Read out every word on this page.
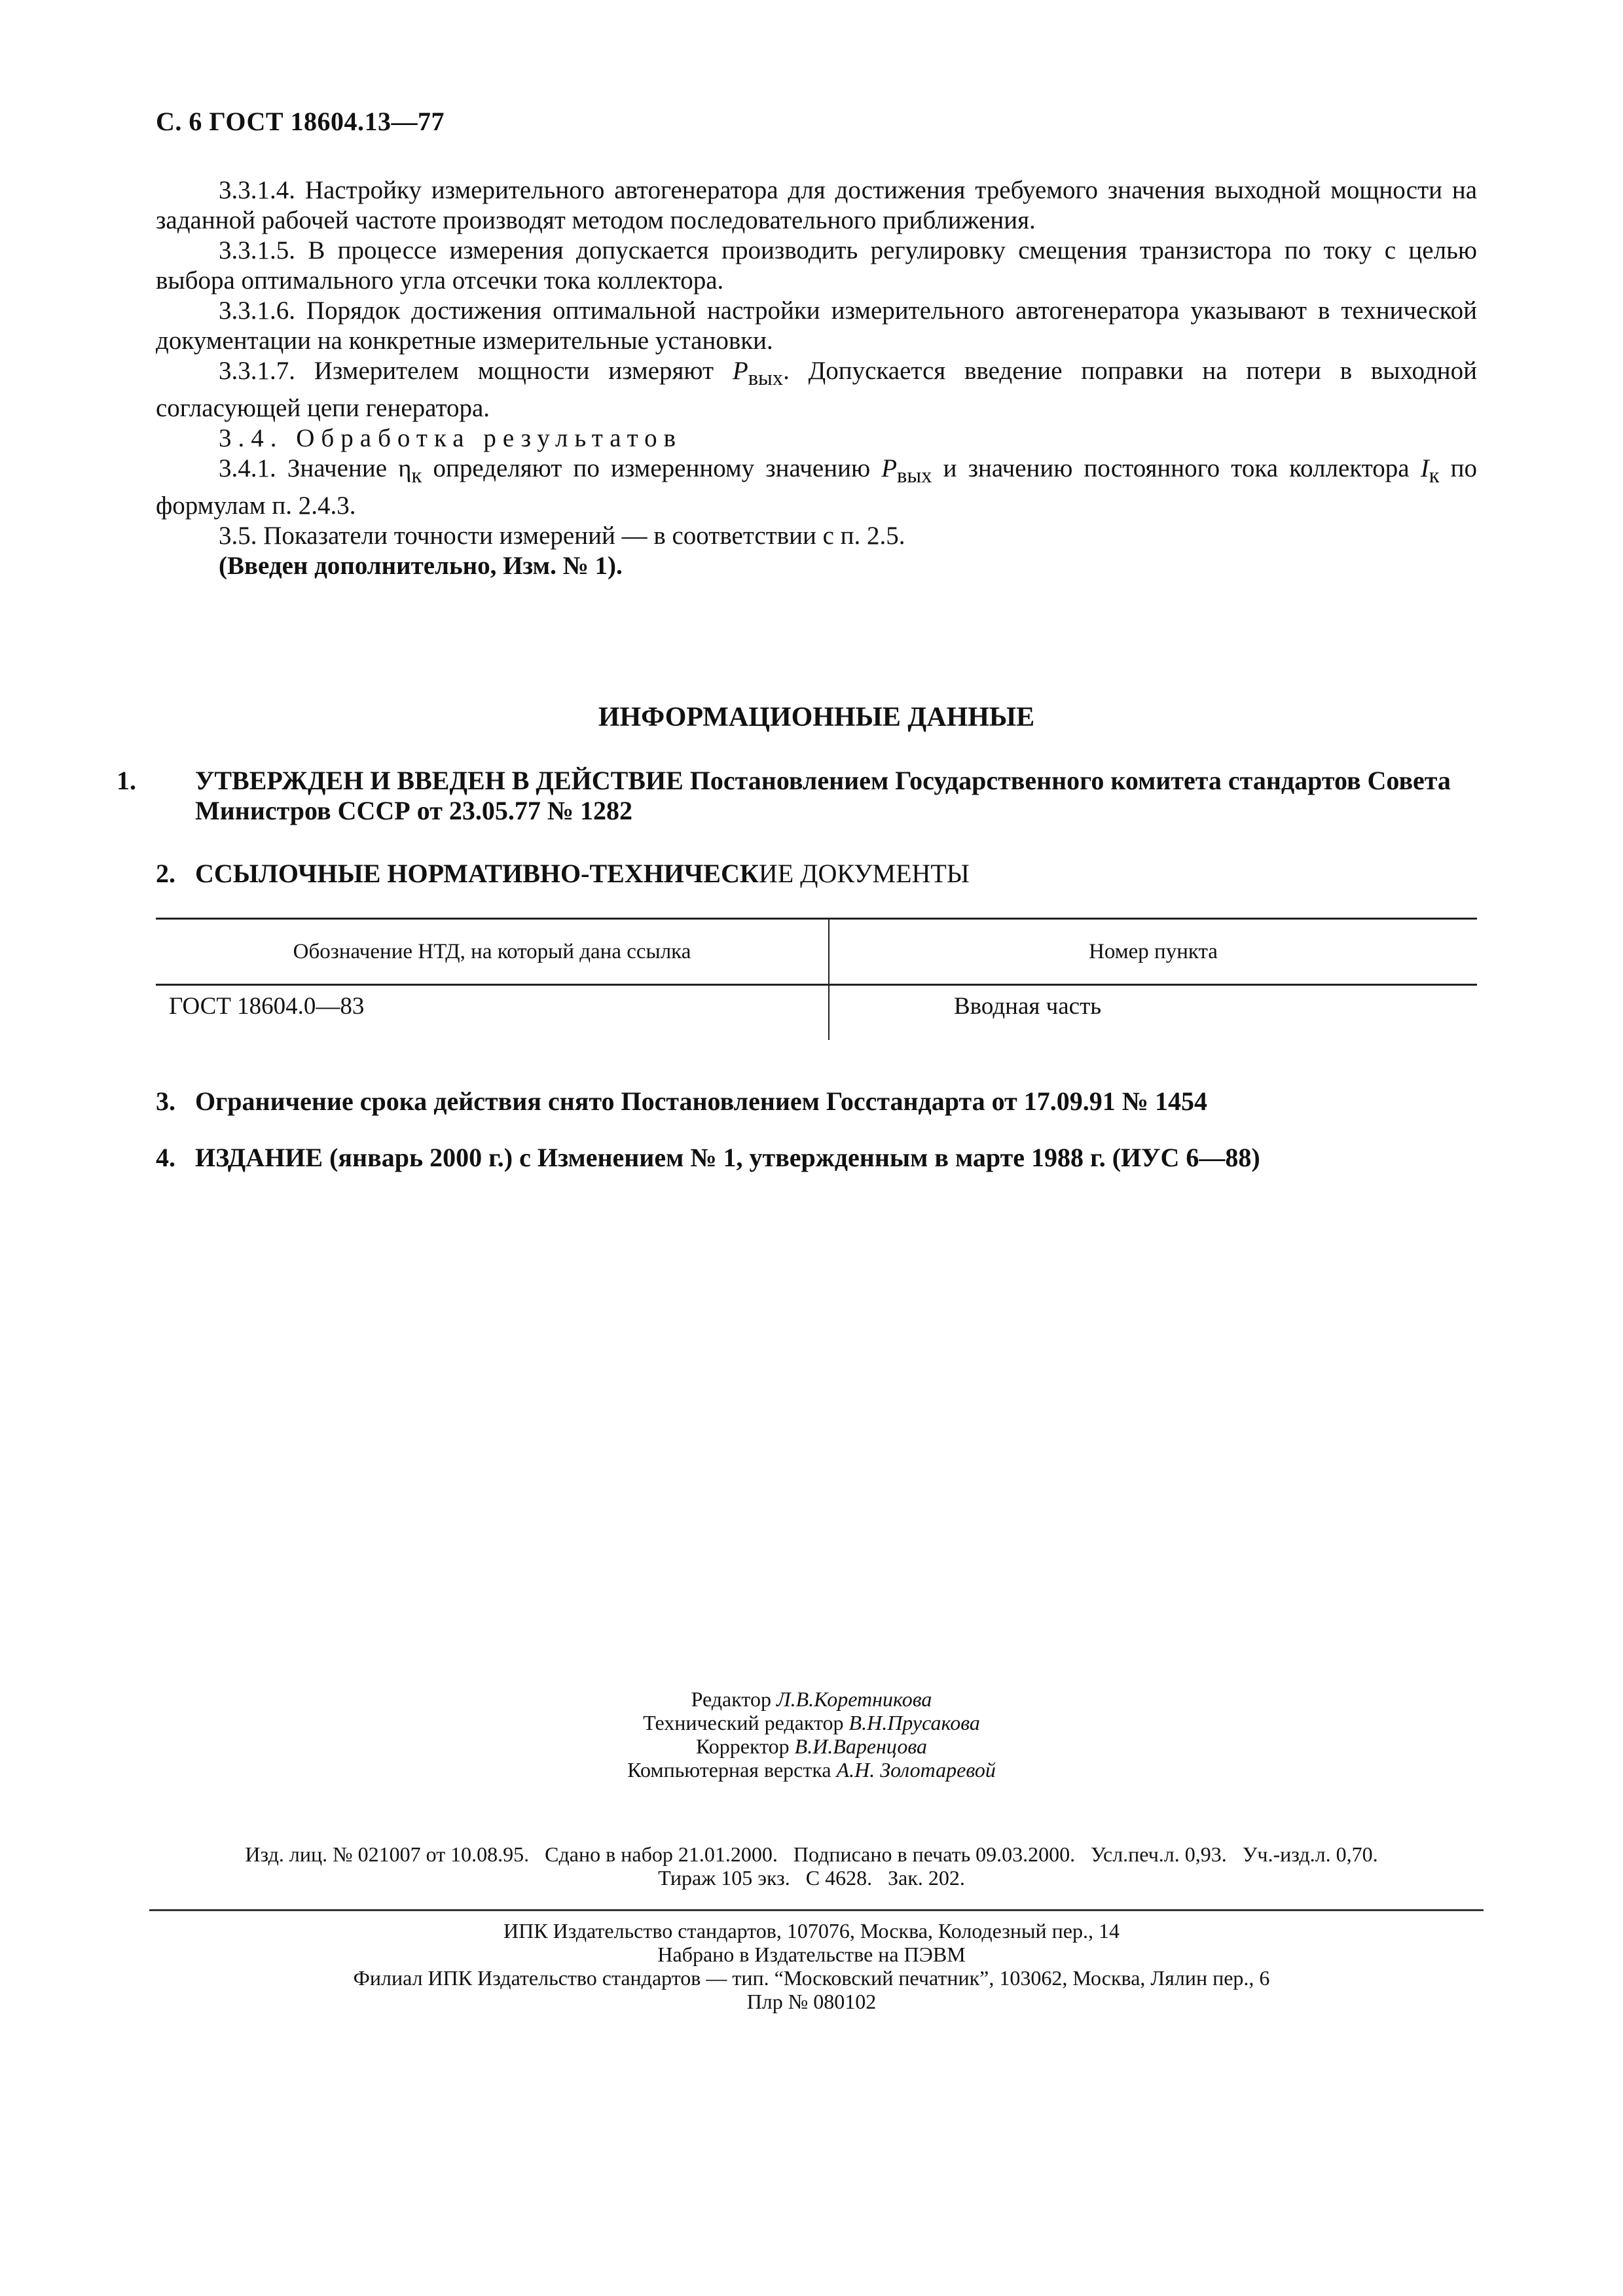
С. 6 ГОСТ 18604.13—77

3.3.1.4. Настройку измерительного автогенератора для достижения требуемого значения выходной мощности на заданной рабочей частоте производят методом последовательного приближения.

3.3.1.5. В процессе измерения допускается производить регулировку смещения транзистора по току с целью выбора оптимального угла отсечки тока коллектора.

3.3.1.6. Порядок достижения оптимальной настройки измерительного автогенератора указывают в технической документации на конкретные измерительные установки.

3.3.1.7. Измерителем мощности измеряют $P_{вых}$. Допускается введение поправки на потери в выходной согласующей цепи генератора.

3.4. Обработка результатов

3.4.1. Значение $\eta_к$ определяют по измеренному значению $P_{вых}$ и значению постоянного тока коллектора $I_к$ по формулам п. 2.4.3.

3.5. Показатели точности измерений — в соответствии с п. 2.5.

(Введен дополнительно, Изм. № 1).

ИНФОРМАЦИОННЫЕ ДАННЫЕ
1. УТВЕРЖДЕН И ВВЕДЕН В ДЕЙСТВИЕ Постановлением Государственного комитета стандартов Совета Министров СССР от 23.05.77 № 1282
2. ССЫЛОЧНЫЕ НОРМАТИВНО-ТЕХНИЧЕСКИЕ ДОКУМЕНТЫ
Обозначение НТД, на который дана ссылка	Номер пункта
ГОСТ 18604.0—83	Вводная часть
3. Ограничение срока действия снято Постановлением Госстандарта от 17.09.91 № 1454
4. ИЗДАНИЕ (январь 2000 г.) с Изменением № 1, утвержденным в марте 1988 г. (ИУС 6—88)
Редактор Л.В.Коретникова
Технический редактор В.Н.Прусакова
Корректор В.И.Варенцова
Компьютерная верстка А.Н. Золотаревой
Изд. лиц. № 021007 от 10.08.95.   Сдано в набор 21.01.2000.   Подписано в печать 09.03.2000.   Усл.печ.л. 0,93.   Уч.-изд.л. 0,70.
Тираж 105 экз.   С 4628.   Зак. 202.
ИПК Издательство стандартов, 107076, Москва, Колодезный пер., 14
Набрано в Издательстве на ПЭВМ
Филиал ИПК Издательство стандартов — тип. “Московский печатник”, 103062, Москва, Лялин пер., 6
Плр № 080102
